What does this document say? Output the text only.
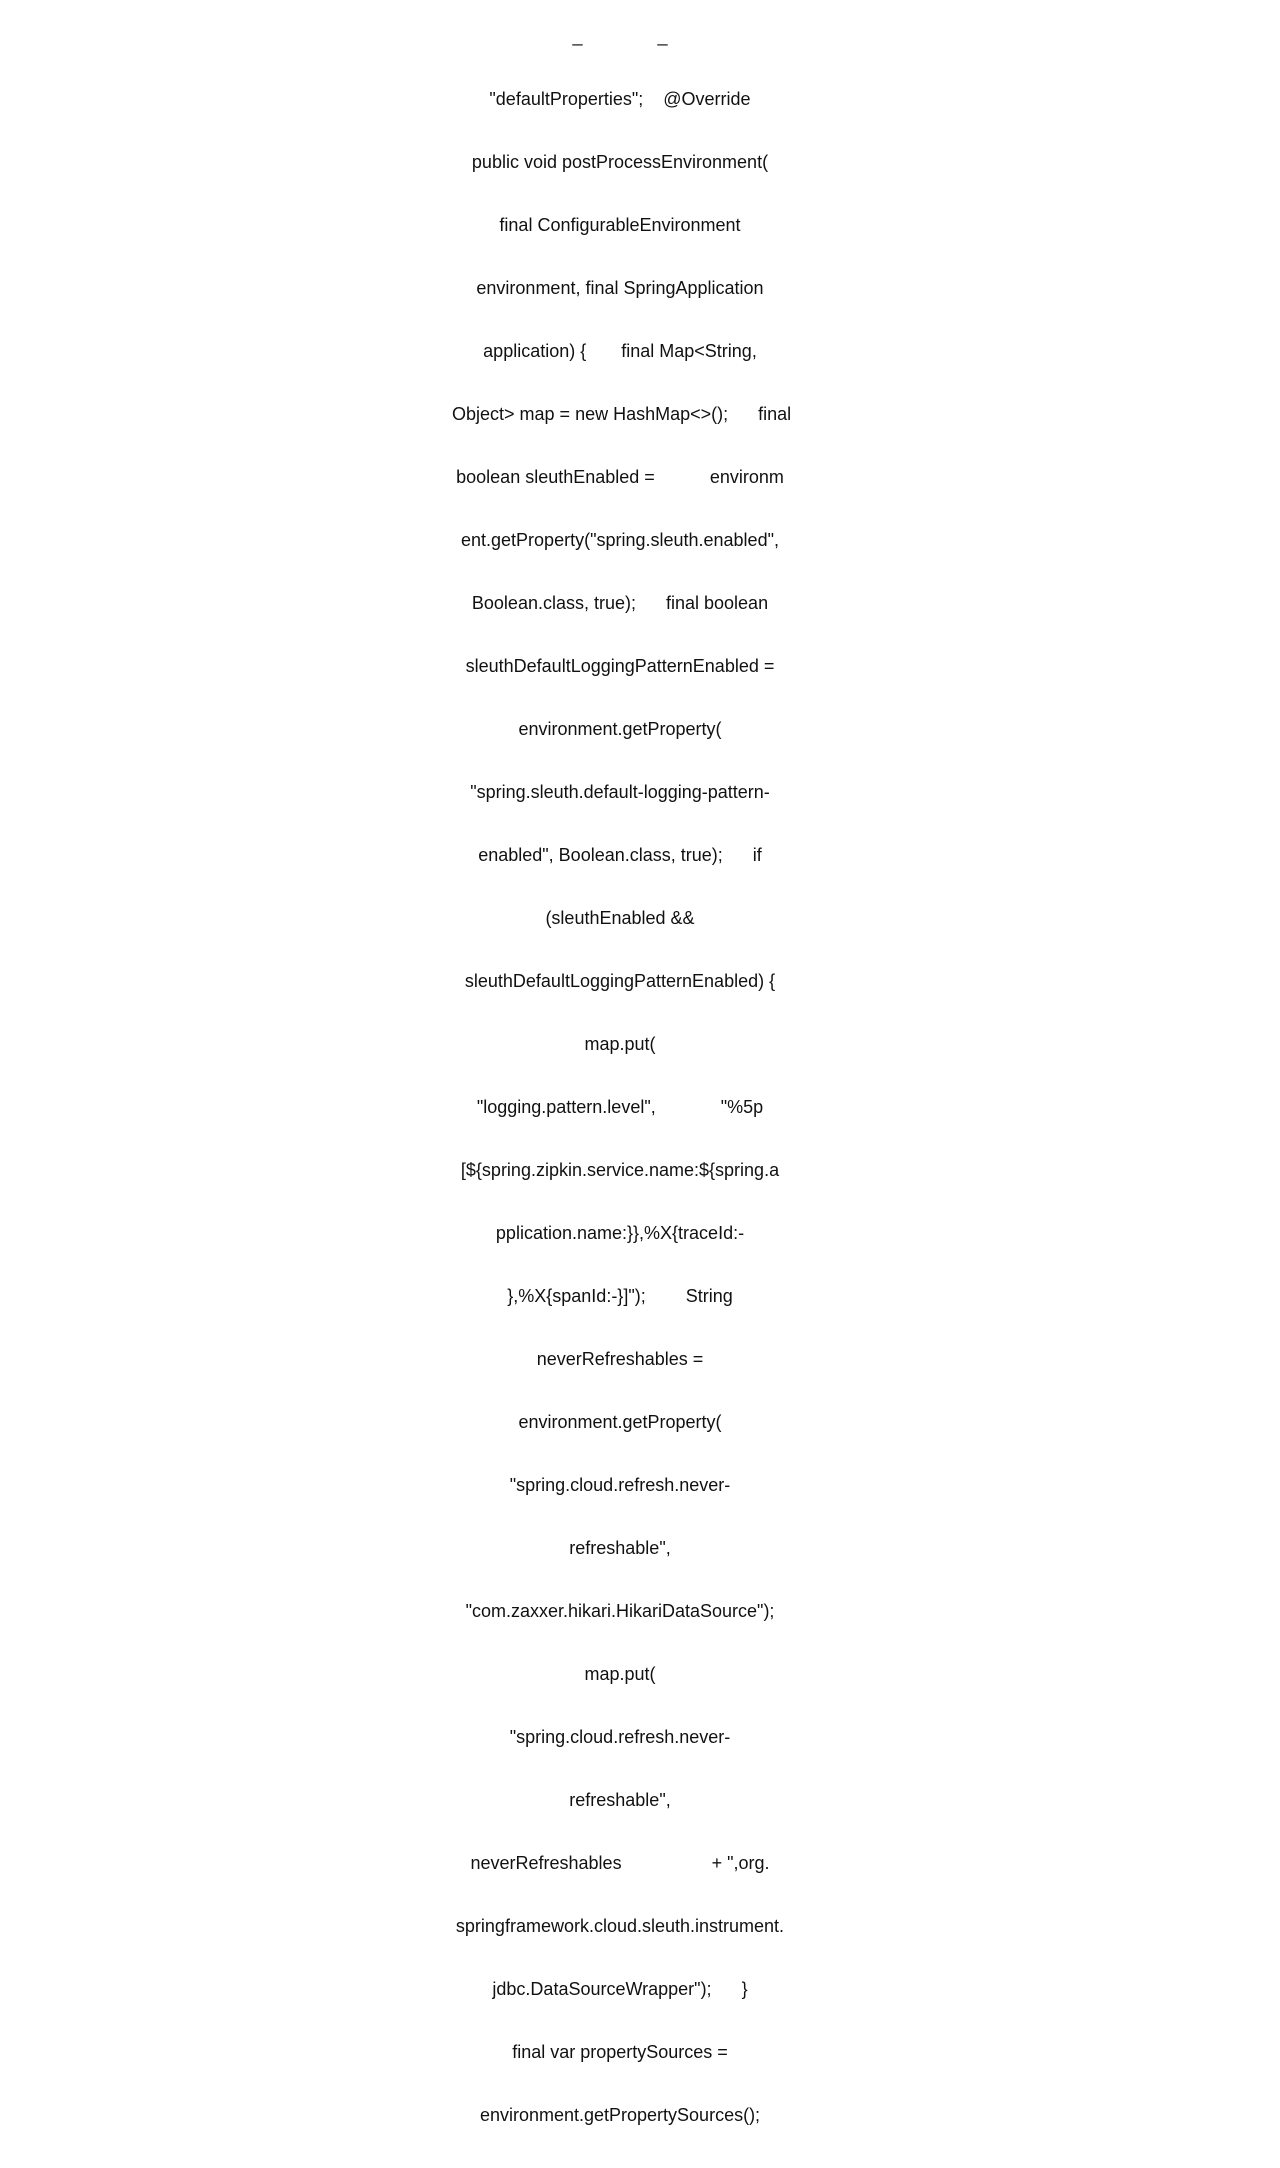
_               _

"defaultProperties";    @Override

public void postProcessEnvironment(

final ConfigurableEnvironment

environment, final SpringApplication

application) {       final Map<String,

Object> map = new HashMap<>();      final

boolean sleuthEnabled =           environm

ent.getProperty("spring.sleuth.enabled",

Boolean.class, true);      final boolean

sleuthDefaultLoggingPatternEnabled =

environment.getProperty(

"spring.sleuth.default-logging-pattern-

enabled", Boolean.class, true);      if

(sleuthEnabled &&

sleuthDefaultLoggingPatternEnabled) {

map.put(

"logging.pattern.level",             "%5p

[${spring.zipkin.service.name:${spring.a

pplication.name:}},%X{traceId:-

},%X{spanId:-}]");        String

neverRefreshables =

environment.getProperty(

"spring.cloud.refresh.never-

refreshable",

"com.zaxxer.hikari.HikariDataSource");

map.put(

"spring.cloud.refresh.never-

refreshable",

neverRefreshables                  + ",org.

springframework.cloud.sleuth.instrument.

jdbc.DataSourceWrapper");      }

final var propertySources =

environment.getPropertySources();
